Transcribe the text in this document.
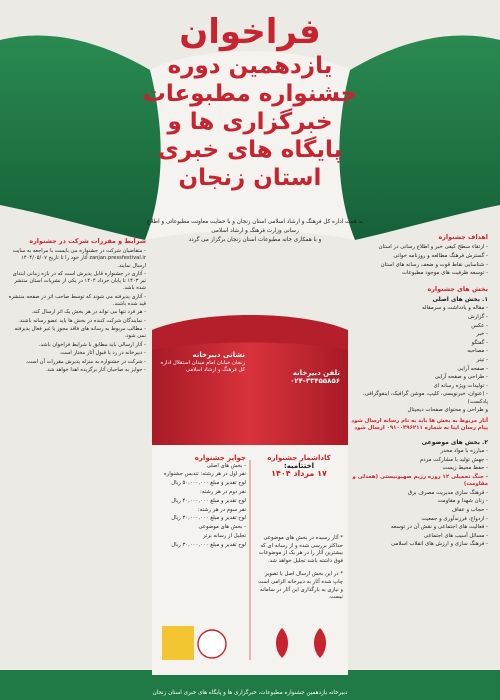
فراخوان

یازدهمین دوره

جشنواره مطبوعات

خبرگزاری ها و

پایگاه های خبری

استان زنجان

به همت اداره کل فرهنگ و ارشاد اسلامی استان زنجان و با حمایت معاونت مطبوعاتی و اطلاع رسانی وزارت فرهنگ و ارشاد اسلامی
و با همکاری خانه مطبوعات استان زنجان برگزار می گردد	اهداف جشنواره
- ارتقاء سطح کیفی خبر و اطلاع رسانی در استان
- گسترش فرهنگ مطالعه و روزنامه خوانی
- شناسایی نقاط قوت و ضعف رسانه های استان
- توسعه ظرفیت های موجود مطبوعات
بخش های جشنواره
۱. بخش های اصلی
- مقاله و یادداشت و سرمقاله
- گزارش
- عکس
- خبر
- گفتگو
- مصاحبه
- تیتر
- صفحه آرایی
- طراحی و صفحه آرایی
- تولیدات ویژه رسانه ای
- (عنوان، خبرنویسی، کلیپ، موشن گرافیک، اینفوگرافی، پادکست)
و طراحی و محتوای صفحات دیجیتال
آثار مربوط به بخش ها باید به نام رسانه ارسال شود
پیام رسان ایتا به شماره ۰۹۱۰۰۳۹۶۲۱۱ ارسال شود
۲. بخش های موضوعی
- مبارزه با مواد مخدر
- جهش تولید با مشارکت مردم
- حفظ محیط زیست
- جنگ تحمیلی ۱۲ روزه رژیم صهیونیستی (همدلی و مقاومت)
- فرهنگ سازی مدیریت مصرف برق
- زنان شهدا و مقاومت
- حجاب و عفاف
- ازدواج، فرزندآوری و جمعیت
- فعالیت های اجتماعی و نقش آن در توسعه
- مسائل آسیب های اجتماعی
- فرهنگ سازی و ارزش های انقلاب اسلامی
شرایط و مقررات شرکت در جشنواره
- متقاضیان شرکت در جشنواره می بایست با مراجعه به سایت zanjan.pressfestival.ir آثار خود را تا تاریخ ۱۴۰۴/۰۵/۰۷ ارسال نمایند.
- آثاری در جشنواره قابل پذیرش است که در بازه زمانی ابتدای تیر ۱۴۰۳ تا پایان خرداد ۱۴۰۴ در یکی از نشریات استان منتشر شده باشد.
- آثاری پذیرفته می شوند که توسط صاحب اثر در صفحه منتشره قید شده باشند.
- هر فرد تنها می تواند در هر بخش یک اثر ارسال کند.
- نمایندگان شرکت کننده در بخش ها باید عضو رسانه باشند.
- مطالب مربوط به رسانه های فاقد مجوز یا غیر فعال پذیرفته نمی شود.
- آثار ارسالی باید مطابق با شرایط فراخوان باشد.
- دبیرخانه در رد یا قبول آثار مختار است.
- شرکت در جشنواره به منزله پذیرش مقررات آن است.
- جوایز به صاحبان آثار برگزیده اهدا خواهد شد.
نشانی دبیرخانه
زنجان خیابان امام میدان استقلال اداره کل فرهنگ و ارشاد اسلامی	تلفن دبیرخانه
۰۲۴-۳۳۴۵۵۸۵۶
جوایز جشنواره
- بخش های اصلی
نفر اول در هر رشته: تندیس جشنواره
لوح تقدیر و مبلغ ۵۰,۰۰۰,۰۰۰ ریال
نفر دوم در هر رشته:
لوح تقدیر و مبلغ ۴۰,۰۰۰,۰۰۰ ریال
نفر سوم در هر رشته:
لوح تقدیر و مبلغ ۳۰,۰۰۰,۰۰۰ ریال
- بخش های موضوعی
تجلیل از رسانه برتر
لوح تقدیر و مبلغ ۳۰,۰۰۰,۰۰۰ ریال
کاداشمار جشنواره
اختتامیه:
۱۷ مرداد ۱۴۰۴
* آثار رسیده در بخش های موضوعی حداکثر بررسی شده و از رسانه ای که بیشترین آثار را در هر یک از موضوعات فوق داشته باشد تجلیل خواهد شد.
* در این بخش ارسال اصل یا تصویر چاپ شده آثار به دبیرخانه الزامی است و نیازی به بارگذاری این آثار در سامانه نیست.
دبیرخانه یازدهمین جشنواره مطبوعات، خبرگزاری ها و پایگاه های خبری استان زنجان
